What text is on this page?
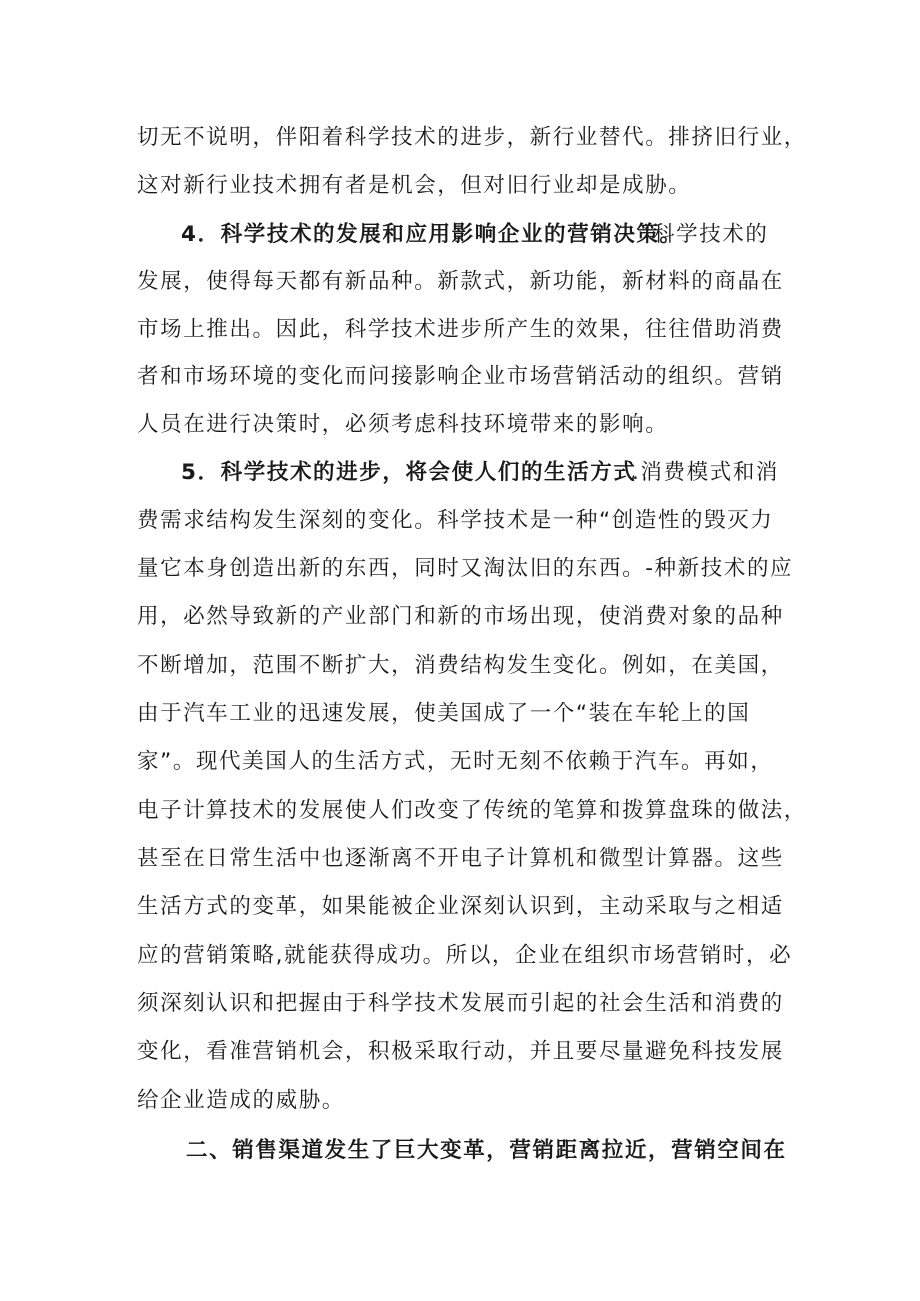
切无不说明，伴阳着科学技术的进步，新行业替代。排挤旧行业，
这对新行业技术拥有者是机会，但对旧行业却是成胁。
4．科学技术的发展和应用影响企业的营销决策。
科学技术的
发展，使得每天都有新品种。新款式，新功能，新材料的商晶在
市场上推出。因此，科学技术进步所产生的效果，往往借助消费
者和市场环境的变化而问接影响企业市场营销活动的组织。营销
人员在进行决策时，必须考虑科技环境带来的影响。
5．科学技术的进步，将会使人们的生活方式
.消费模式和消
费需求结构发生深刻的变化。科学技术是一种“创造性的毁灭力
量它本身创造出新的东西，同时又淘汰旧的东西。-种新技术的应
用，必然导致新的产业部门和新的市场出现，使消费对象的品种
不断增加，范围不断扩大，消费结构发生变化。例如，在美国，
由于汽车工业的迅速发展，使美国成了一个“装在车轮上的国
家”。现代美国人的生活方式，无时无刻不依赖于汽车。再如，
电子计算技术的发展使人们改变了传统的笔算和拨算盘珠的做法，
甚至在日常生活中也逐渐离不开电子计算机和微型计算器。这些
生活方式的变革，如果能被企业深刻认识到，主动采取与之相适
应的营销策略,就能获得成功。所以，企业在组织市场营销时，必
须深刻认识和把握由于科学技术发展而引起的社会生活和消费的
变化，看准营销机会，积极采取行动，并且要尽量避免科技发展
给企业造成的威胁。
二、销售渠道发生了巨大变革，营销距离拉近，营销空间在
